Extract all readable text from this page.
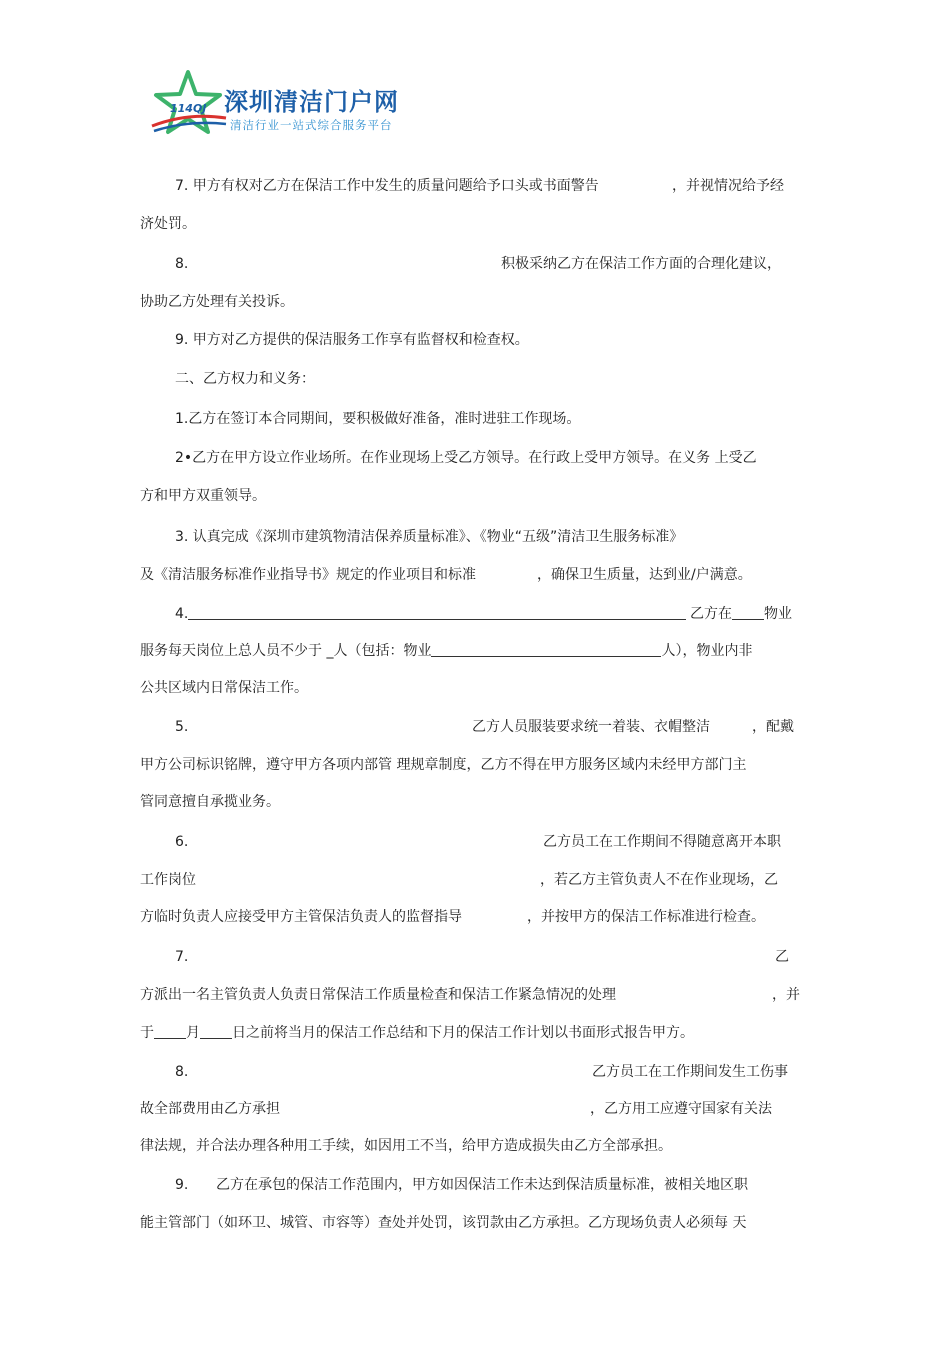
114QJ 深圳清洁门户网
清洁行业一站式综合服务平台
7. 甲方有权对乙方在保洁工作中发生的质量问题给予口头或书面警告	，并视情况给予经
济处罚。
8.	积极采纳乙方在保洁工作方面的合理化建议，
协助乙方处理有关投诉。
9. 甲方对乙方提供的保洁服务工作享有监督权和检查权。
二、乙方权力和义务：
1.乙方在签订本合同期间，要积极做好准备，准时进驻工作现场。
2•乙方在甲方设立作业场所。在作业现场上受乙方领导。在行政上受甲方领导。在义务 上受乙
方和甲方双重领导。
3. 认真完成《深圳市建筑物清洁保养质量标准》、《物业“五级”清洁卫生服务标准》
及《清洁服务标准作业指导书》规定的作业项目和标准	，确保卫生质量，达到业/户满意。
4.	乙方在 物业
服务每天岗位上总人员不少于 _人（包括：物业	人），物业内非
公共区域内日常保洁工作。
5.	乙方人员服装要求统一着装、衣帽整洁	，配戴
甲方公司标识铭牌，遵守甲方各项内部管 理规章制度，乙方不得在甲方服务区域内未经甲方部门主
管同意擅自承揽业务。
6.	乙方员工在工作期间不得随意离开本职
工作岗位	，若乙方主管负责人不在作业现场，乙
方临时负责人应接受甲方主管保洁负责人的监督指导	，并按甲方的保洁工作标准进行检查。
7.	乙
方派出一名主管负责人负责日常保洁工作质量检查和保洁工作紧急情况的处理	，并
于 月 日之前将当月的保洁工作总结和下月的保洁工作计划以书面形式报告甲方。
8.	乙方员工在工作期间发生工伤事
故全部费用由乙方承担	，乙方用工应遵守国家有关法
律法规，并合法办理各种用工手续，如因用工不当，给甲方造成损失由乙方全部承担。
9. 乙方在承包的保洁工作范围内，甲方如因保洁工作未达到保洁质量标准，被相关地区职
能主管部门（如环卫、城管、市容等）查处并处罚，该罚款由乙方承担。乙方现场负责人必须每 天
